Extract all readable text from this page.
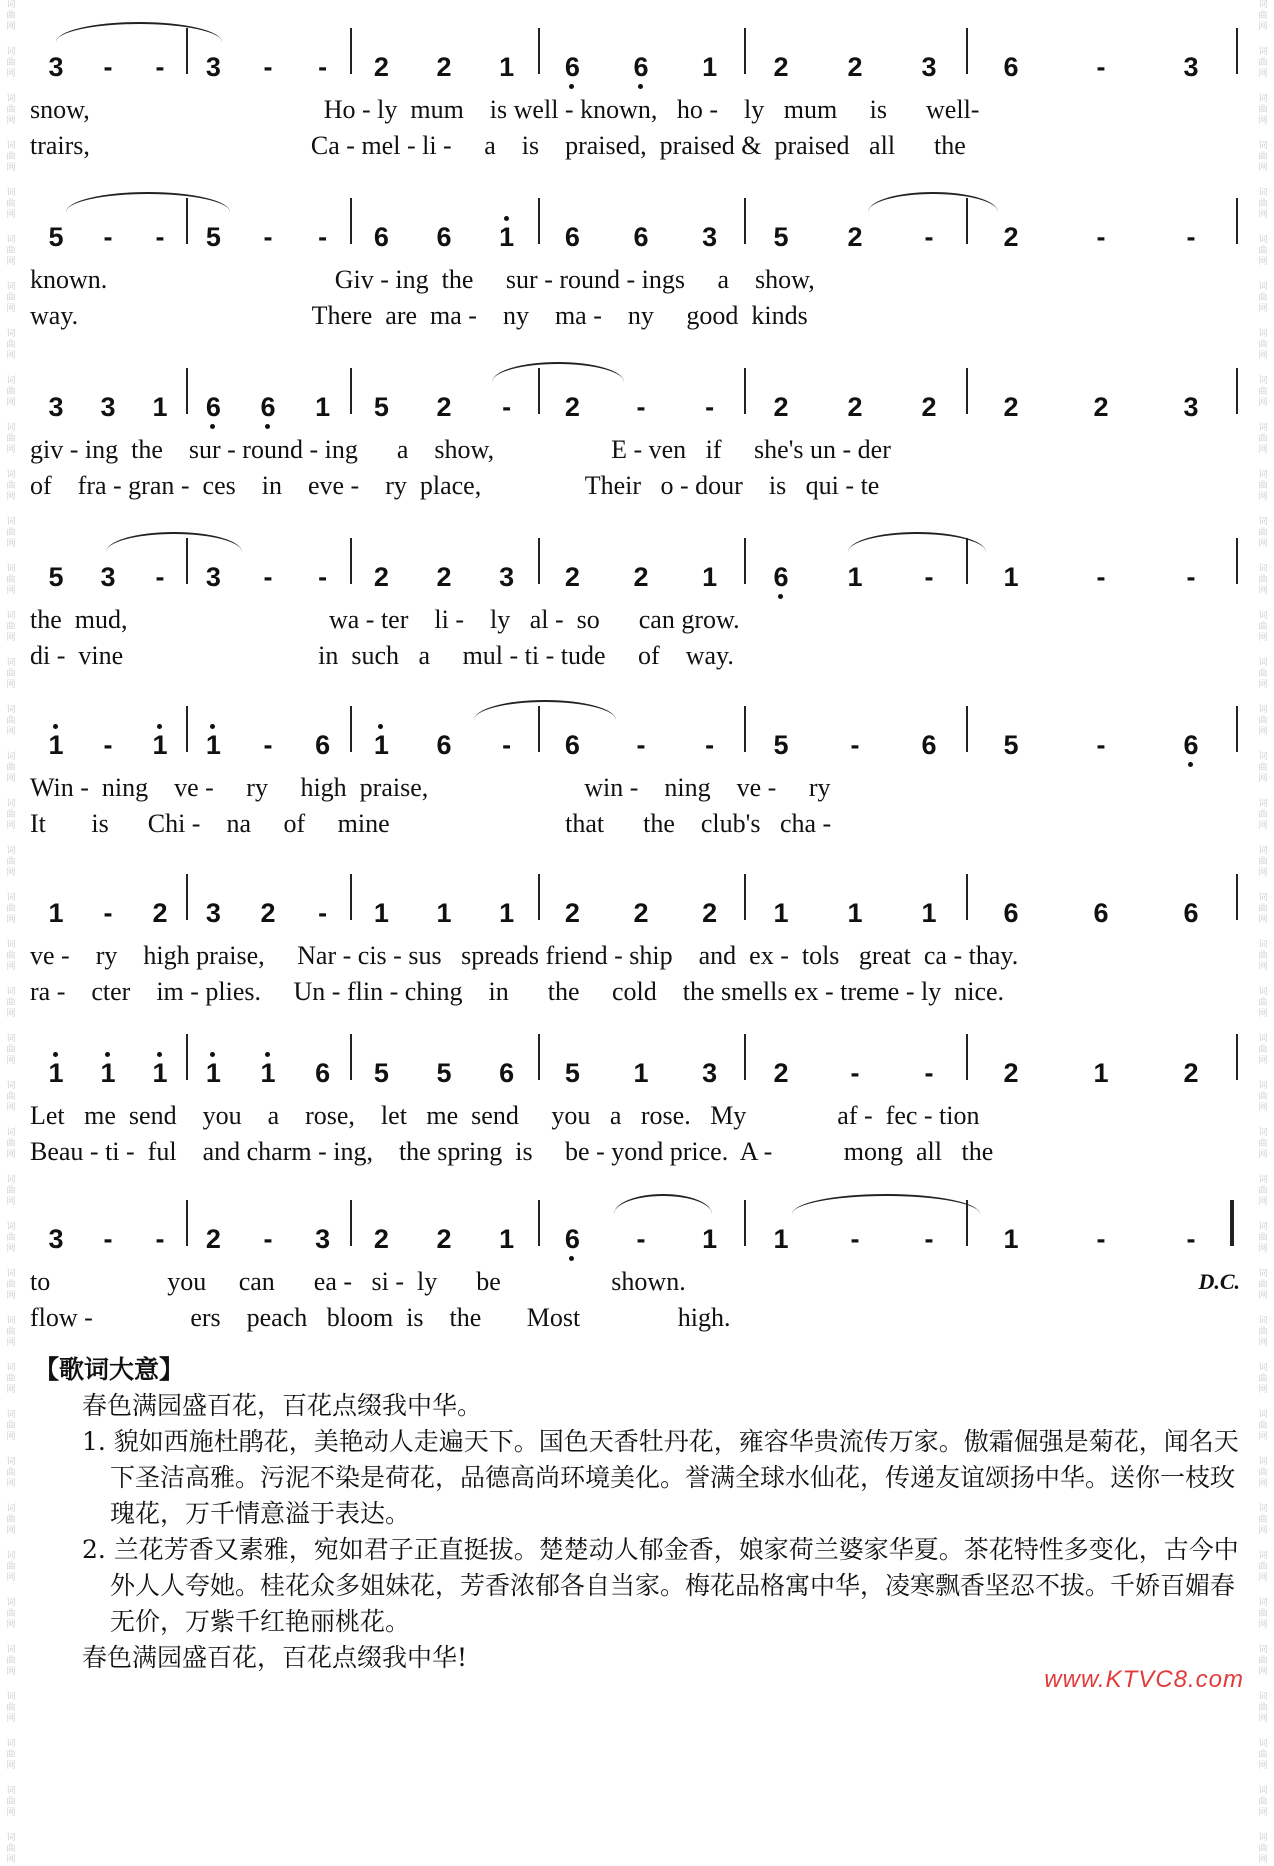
词
曲
网
词
曲
网
词
曲
网
词
曲
网
词
曲
网
词
曲
网
词
曲
网
词
曲
网
词
曲
网
词
曲
网
词
曲
网
词
曲
网
词
曲
网
词
曲
网
词
曲
网
词
曲
网
词
曲
网
词
曲
网
词
曲
网
词
曲
网
词
曲
网
词
曲
网
词
曲
网
词
曲
网
词
曲
网
词
曲
网
词
曲
网
词
曲
网
词
曲
网
词
曲
网
词
曲
网
词
曲
网
词
曲
网
词
曲
网
词
曲
网
词
曲
网
词
曲
网
词
曲
网
词
曲
网
词
曲
网
词
曲
网
词
曲
网
词
曲
网
词
曲
网
词
曲
网
词
曲
网
词
曲
网
词
曲
网
词
曲
网
词
曲
网
词
曲
网
词
曲
网
词
曲
网
词
曲
网
词
曲
网
词
曲
网
词
曲
网
词
曲
网
词
曲
网
词
曲
网
词
曲
网
词
曲
网
词
曲
网
词
曲
网
词
曲
网
词
曲
网
词
曲
网
词
曲
网
词
曲
网
词
曲
网
词
曲
网
词
曲
网
词
曲
网
词
曲
网
词
曲
网
词
曲
网
词
曲
网
词
曲
网
词
曲
网
词
曲
网
3	-	-	3	-	-	2 2 1 6 6 1 2 2 3 6	-	3
snow,                                    Ho - ly  mum    is well - known,   ho -    ly   mum     is      well-
trairs,                                  Ca - mel - li -     a    is    praised,  praised &  praised   all      the
5	-	-	5	-	-	6 6 1 6 6 3 5 2	-	2	-	-
known.                                   Giv - ing  the     sur - round - ings     a    show,
way.                                    There  are  ma -    ny    ma -    ny     good  kinds
3 3 1 6 6 1 5 2	-	2	-	-	2 2 2 2	2	3
giv - ing  the    sur - round - ing      a    show,                  E - ven   if     she's un - der
of    fra - gran -  ces    in    eve -    ry  place,                Their   o - dour    is   qui - te
5 3	-	3	-	-	2 2 3 2 2 1 6 1	-	1	-	-
the  mud,                               wa - ter    li -    ly   al -  so      can grow.
di -  vine                              in  such   a     mul - ti - tude     of    way.
1	-	1 1	-	6 1 6	-	6	-	-	5	-	6 5	-	6
Win -  ning    ve -     ry     high  praise,                        win -    ning    ve -     ry
It       is      Chi -    na     of     mine                           that      the    club's   cha -
1	-	2 3 2	-	1 1 1 2 2 2 1 1 1 6	6	6
ve -    ry    high praise,     Nar - cis - sus   spreads friend - ship    and  ex -  tols   great  ca - thay.
ra -    cter    im - plies.     Un - flin - ching    in      the     cold    the smells ex - treme - ly  nice.
1 1 1 1 1 6 5 5 6 5 1 3 2	-	-	2	1	2
Let   me  send    you    a    rose,    let   me  send     you   a   rose.   My              af -  fec - tion
Beau - ti -  ful    and charm - ing,    the spring  is     be - yond price.  A -           mong  all   the
3	-	-	2	-	3 2 2 1 6	-	1 1	-	-	1	-	-
to                  you     can      ea -   si -  ly      be                 shown.	D.C.
flow -               ers    peach   bloom  is    the       Most               high.

【歌词大意】

春色满园盛百花，百花点缀我中华。

1. 貌如西施杜鹃花，美艳动人走遍天下。国色天香牡丹花，雍容华贵流传万家。傲霜倔强是菊花，闻名天下圣洁高雅。污泥不染是荷花，品德高尚环境美化。誉满全球水仙花，传递友谊颂扬中华。送你一枝玫瑰花，万千情意溢于表达。

2. 兰花芳香又素雅，宛如君子正直挺拔。楚楚动人郁金香，娘家荷兰婆家华夏。茶花特性多变化，古今中外人人夸她。桂花众多姐妹花，芳香浓郁各自当家。梅花品格寓中华，凌寒飘香坚忍不拔。千娇百媚春无价，万紫千红艳丽桃花。

春色满园盛百花，百花点缀我中华!

www.KTVC8.com
